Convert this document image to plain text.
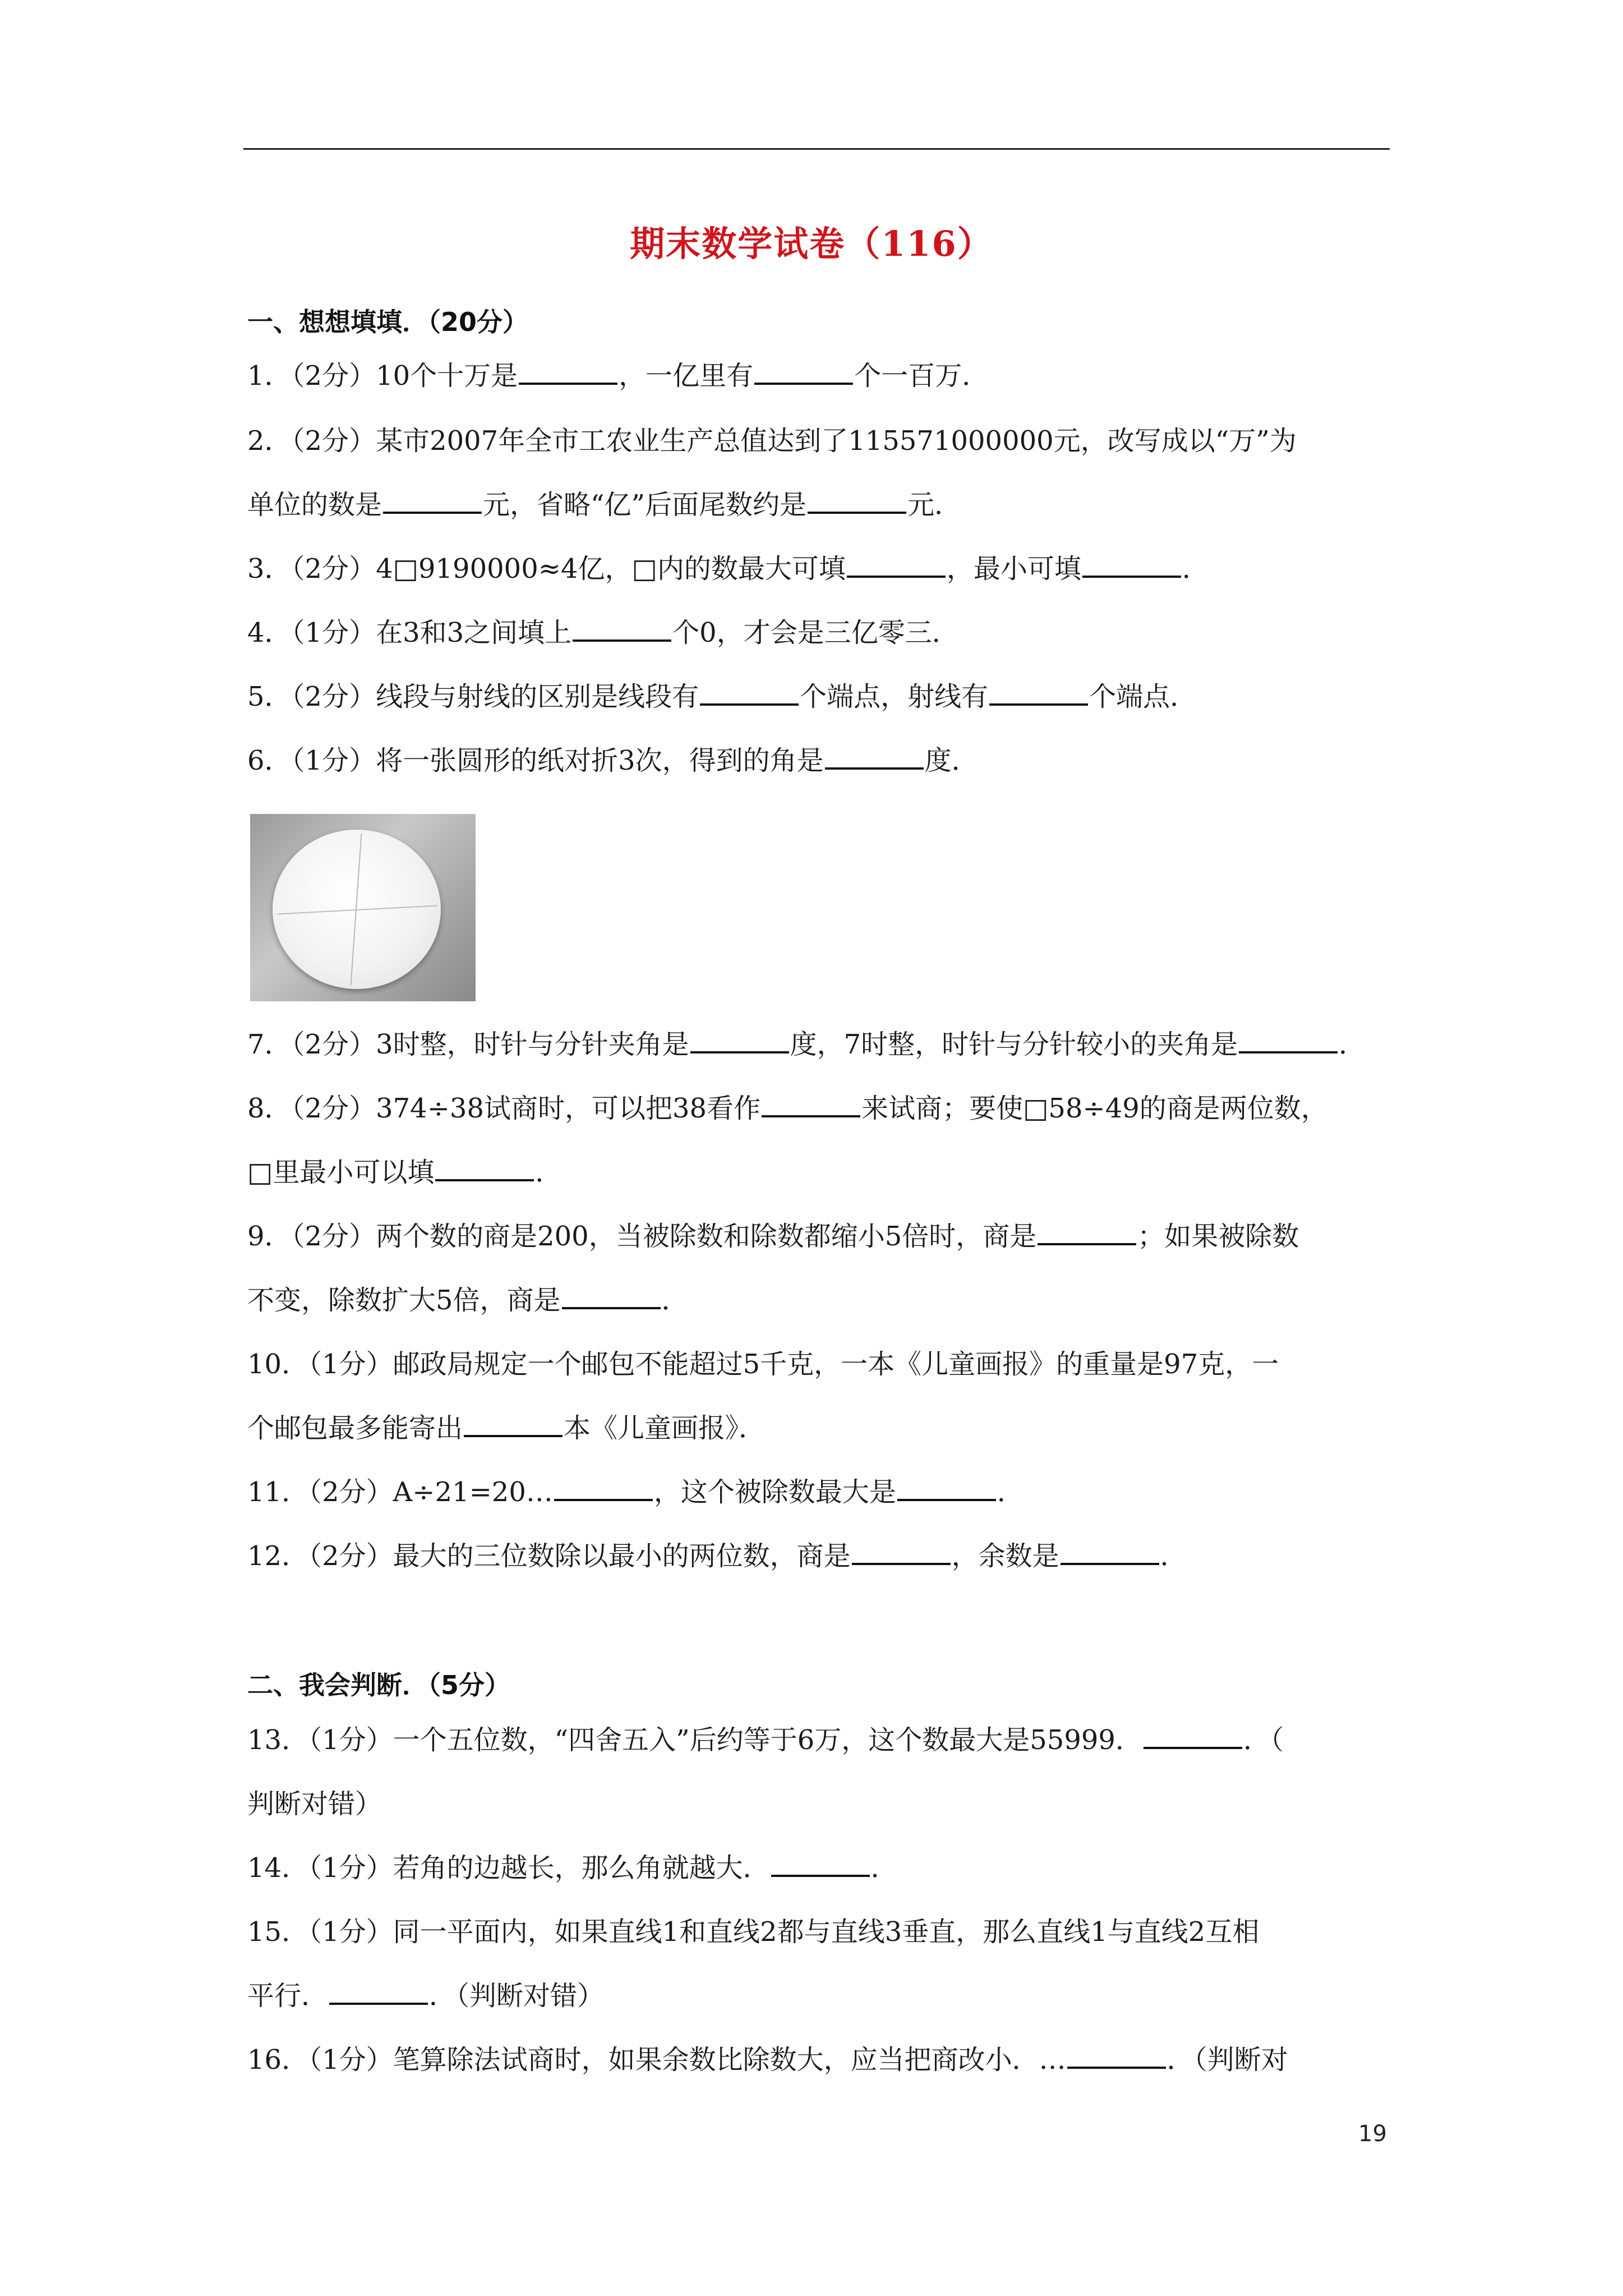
期末数学试卷（116）
一、想想填填．（20分）
1．（2分）10个十万是	，一亿里有	个一百万．
2．（2分）某市2007年全市工农业生产总值达到了115571000000元，改写成以“万”为
单位的数是	元，省略“亿”后面尾数约是	元．
3．（2分）4□9190000≈4亿，□内的数最大可填	，最小可填	．
4．（1分）在3和3之间填上	个0，才会是三亿零三．
5．（2分）线段与射线的区别是线段有	个端点，射线有	个端点．
6．（1分）将一张圆形的纸对折3次，得到的角是	度．
7．（2分）3时整，时针与分针夹角是	度，7时整，时针与分针较小的夹角是	．
8．（2分）374÷38试商时，可以把38看作	来试商；要使□58÷49的商是两位数，
□里最小可以填	．
9．（2分）两个数的商是200，当被除数和除数都缩小5倍时，商是	；如果被除数
不变，除数扩大5倍，商是	．
10．（1分）邮政局规定一个邮包不能超过5千克，一本《儿童画报》的重量是97克，一
个邮包最多能寄出	本《儿童画报》．
11．（2分）A÷21=20…	，这个被除数最大是	．
12．（2分）最大的三位数除以最小的两位数，商是	，余数是	．
二、我会判断．（5分）
13．（1分）一个五位数，“四舍五入”后约等于6万，这个数最大是55999．	．（
判断对错）
14．（1分）若角的边越长，那么角就越大．	．
15．（1分）同一平面内，如果直线1和直线2都与直线3垂直，那么直线1与直线2互相
平行．	．（判断对错）
16．（1分）笔算除法试商时，如果余数比除数大，应当把商改小．…	．（判断对
19
